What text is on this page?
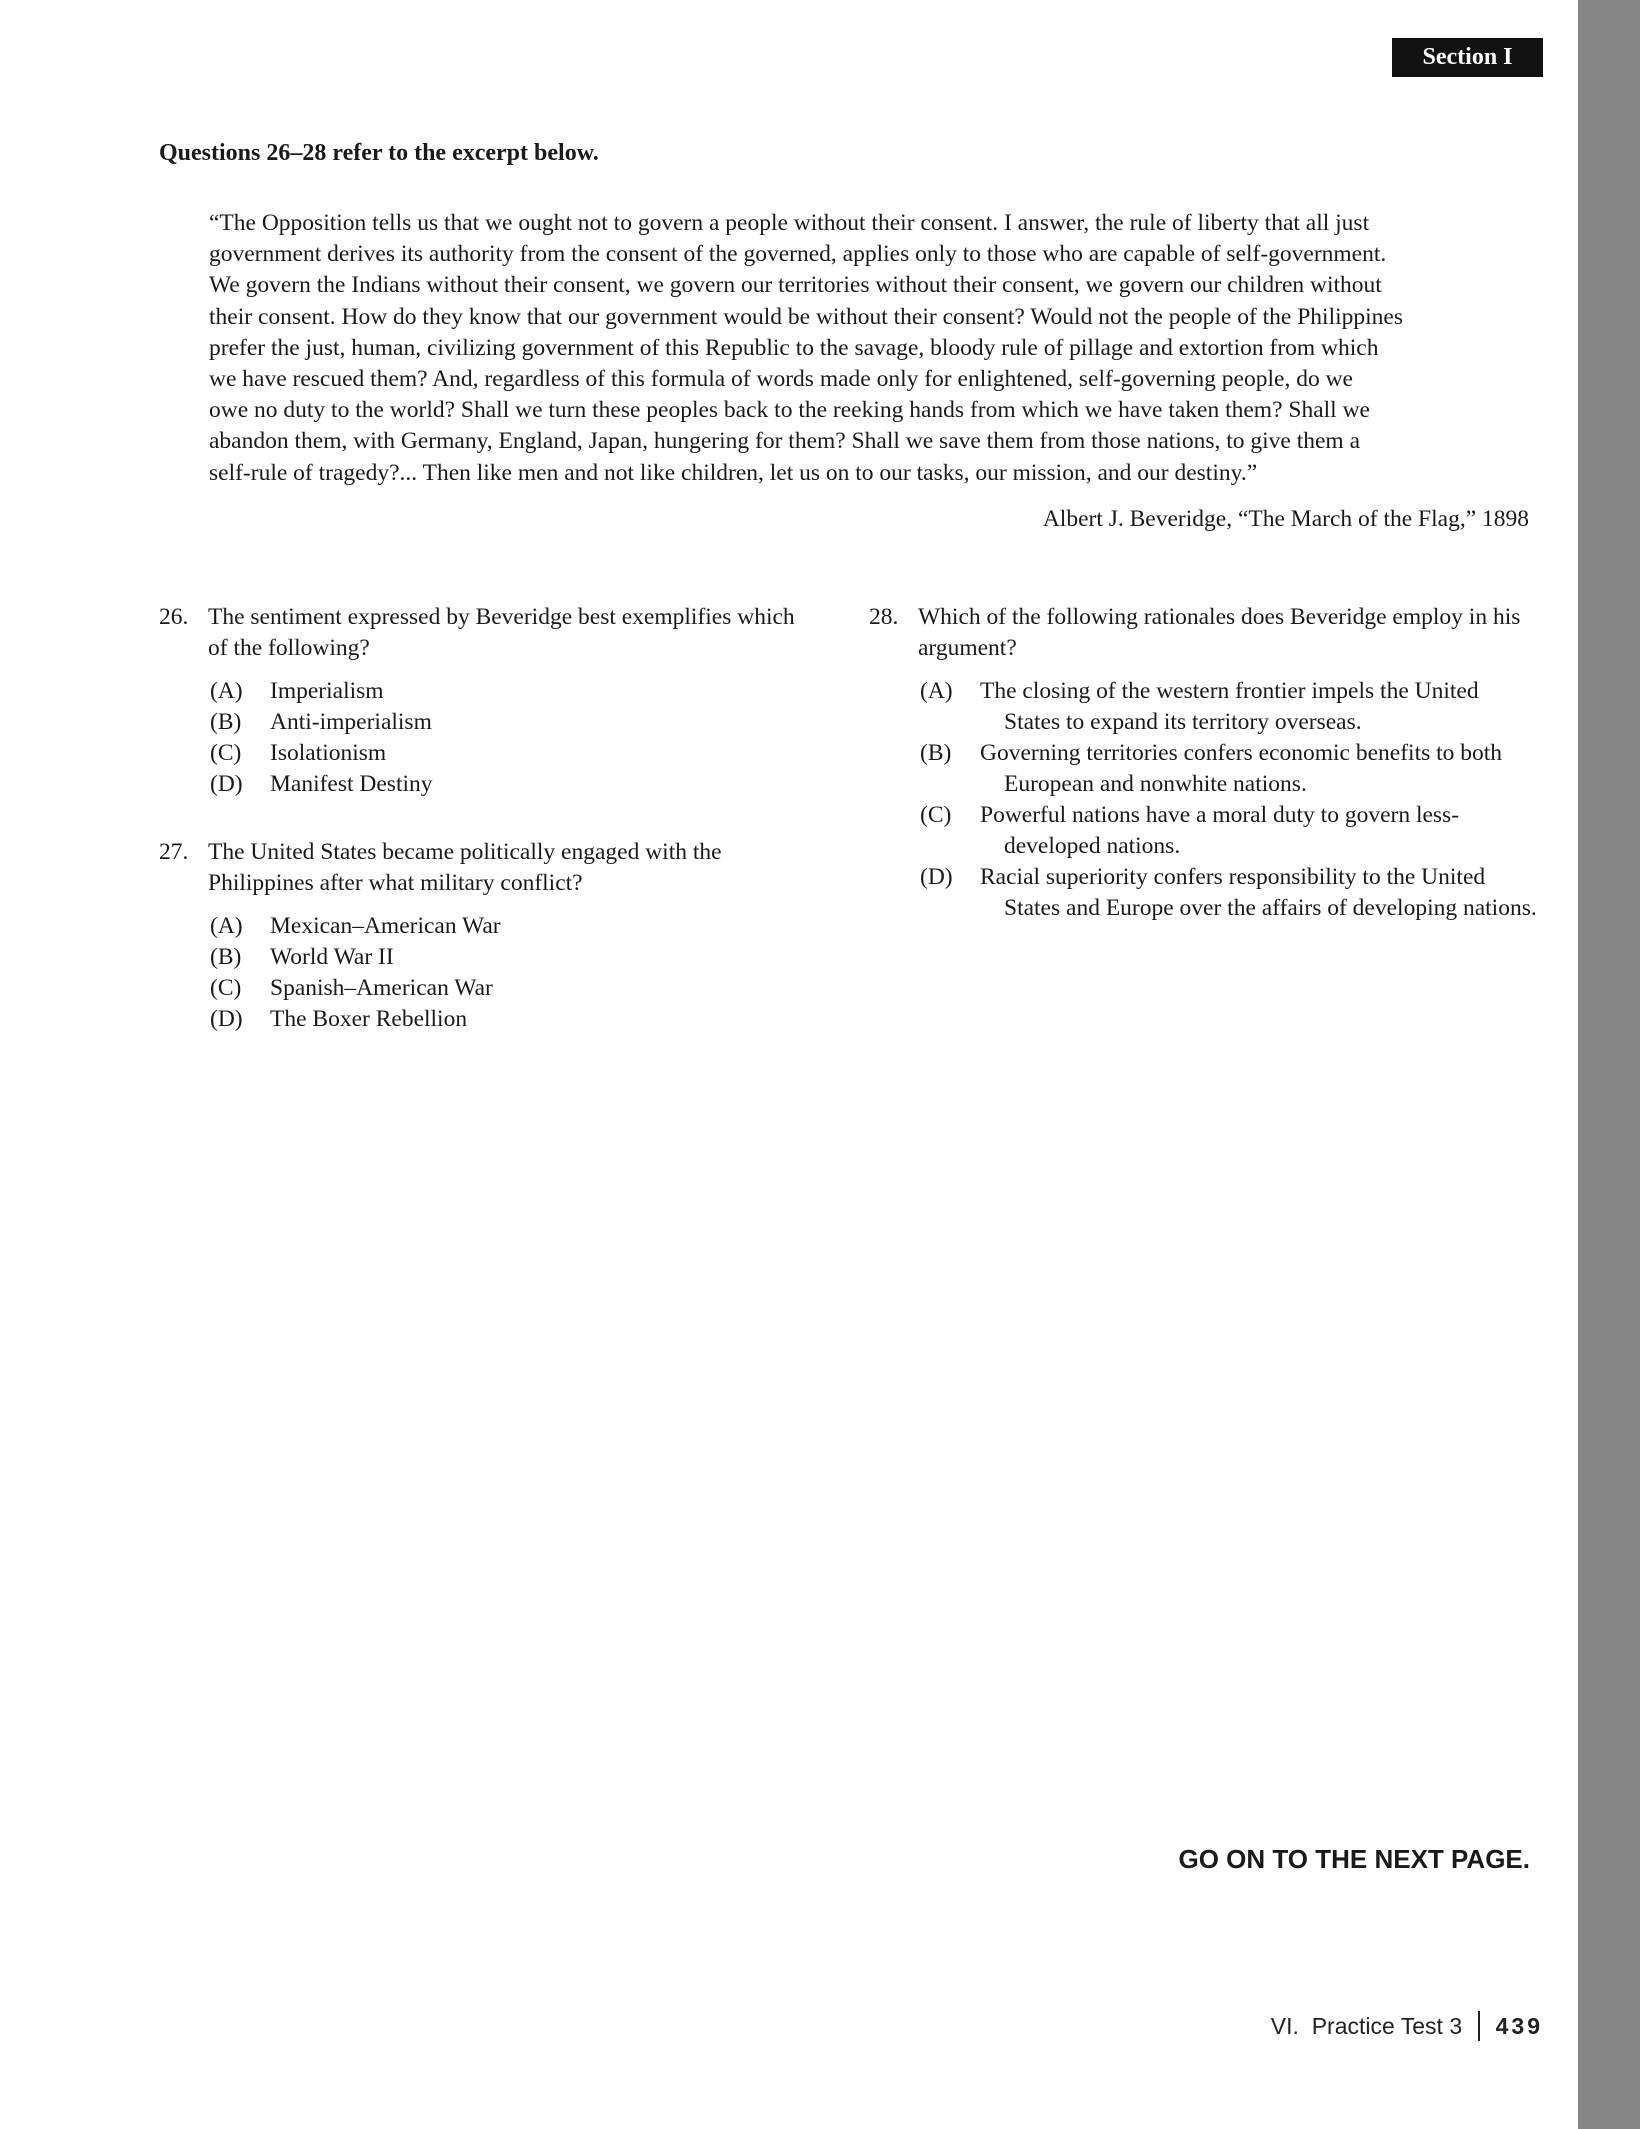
Section I
Questions 26–28 refer to the excerpt below.
“The Opposition tells us that we ought not to govern a people without their consent. I answer, the rule of liberty that all just
government derives its authority from the consent of the governed, applies only to those who are capable of self-government.
We govern the Indians without their consent, we govern our territories without their consent, we govern our children without
their consent. How do they know that our government would be without their consent? Would not the people of the Philippines
prefer the just, human, civilizing government of this Republic to the savage, bloody rule of pillage and extortion from which
we have rescued them? And, regardless of this formula of words made only for enlightened, self-governing people, do we
owe no duty to the world? Shall we turn these peoples back to the reeking hands from which we have taken them? Shall we
abandon them, with Germany, England, Japan, hungering for them? Shall we save them from those nations, to give them a
self-rule of tragedy?... Then like men and not like children, let us on to our tasks, our mission, and our destiny.”
Albert J. Beveridge, “The March of the Flag,” 1898
26. The sentiment expressed by Beveridge best exemplifies which of the following?
(A)	Imperialism
(B)	Anti-imperialism
(C)	Isolationism
(D)	Manifest Destiny
27. The United States became politically engaged with the Philippines after what military conflict?
(A)	Mexican–American War
(B)	World War II
(C)	Spanish–American War
(D)	The Boxer Rebellion
28. Which of the following rationales does Beveridge employ in his argument?
(A)	The closing of the western frontier impels the United States to expand its territory overseas.
(B)	Governing territories confers economic benefits to both European and nonwhite nations.
(C)	Powerful nations have a moral duty to govern less-developed nations.
(D)	Racial superiority confers responsibility to the United States and Europe over the affairs of developing nations.
GO ON TO THE NEXT PAGE.
VI.  Practice Test 3 439
